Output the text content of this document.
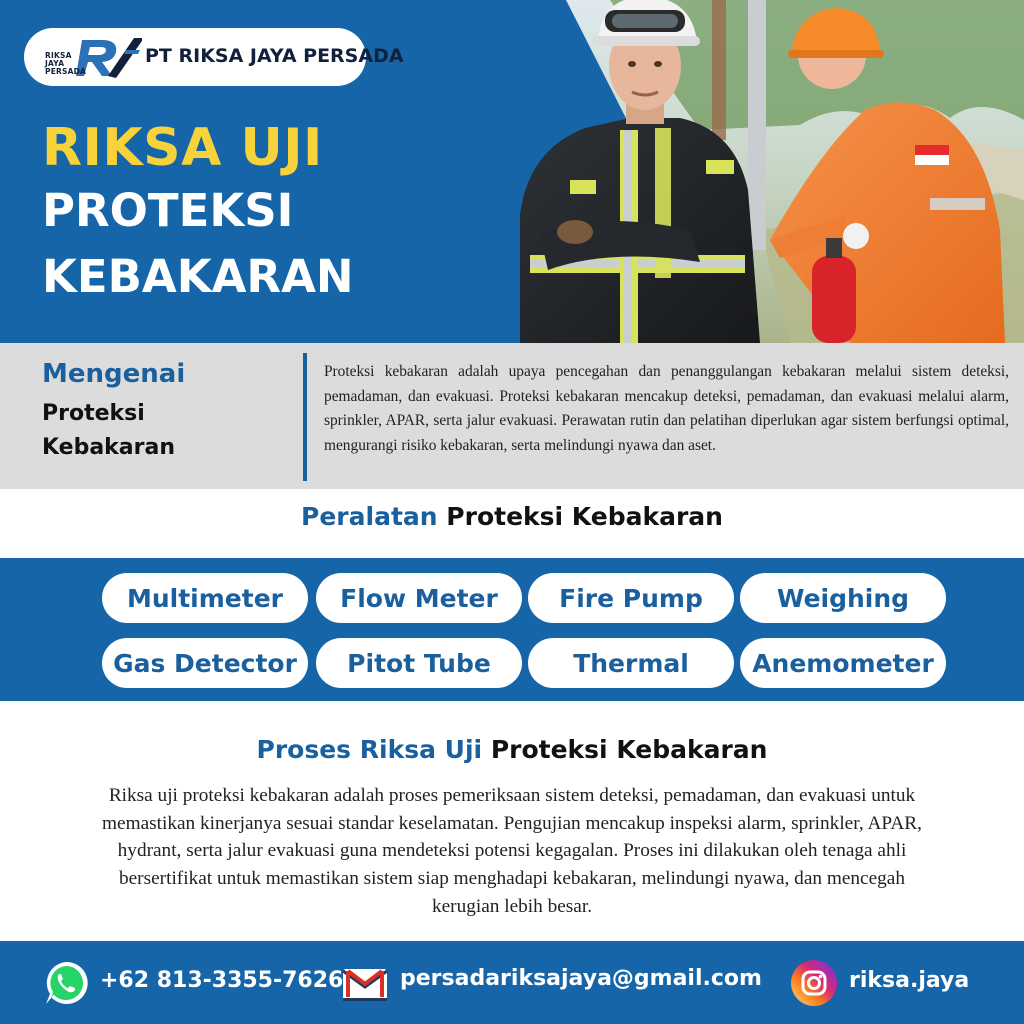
RIKSA
JAYA
PERSADA
PT RIKSA JAYA PERSADA
RIKSA UJI
PROTEKSI
KEBAKARAN
Mengenai
Proteksi
Kebakaran

Proteksi kebakaran adalah upaya pencegahan dan penanggulangan kebakaran melalui sistem deteksi, pemadaman, dan evakuasi. Proteksi kebakaran mencakup deteksi, pemadaman, dan evakuasi melalui alarm, sprinkler, APAR, serta jalur evakuasi. Perawatan rutin dan pelatihan diperlukan agar sistem berfungsi optimal, mengurangi risiko kebakaran, serta melindungi nyawa dan aset.

Peralatan Proteksi Kebakaran
Multimeter	Flow Meter	Fire Pump	Weighing
Gas Detector	Pitot Tube	Thermal	Anemometer
Proses Riksa Uji Proteksi Kebakaran

Riksa uji proteksi kebakaran adalah proses pemeriksaan sistem deteksi, pemadaman, dan evakuasi untuk memastikan kinerjanya sesuai standar keselamatan. Pengujian mencakup inspeksi alarm, sprinkler, APAR, hydrant, serta jalur evakuasi guna mendeteksi potensi kegagalan. Proses ini dilakukan oleh tenaga ahli bersertifikat untuk memastikan sistem siap menghadapi kebakaran, melindungi nyawa, dan mencegah kerugian lebih besar.

+62 813-3355-7626	persadariksajaya@gmail.com	riksa.jaya
